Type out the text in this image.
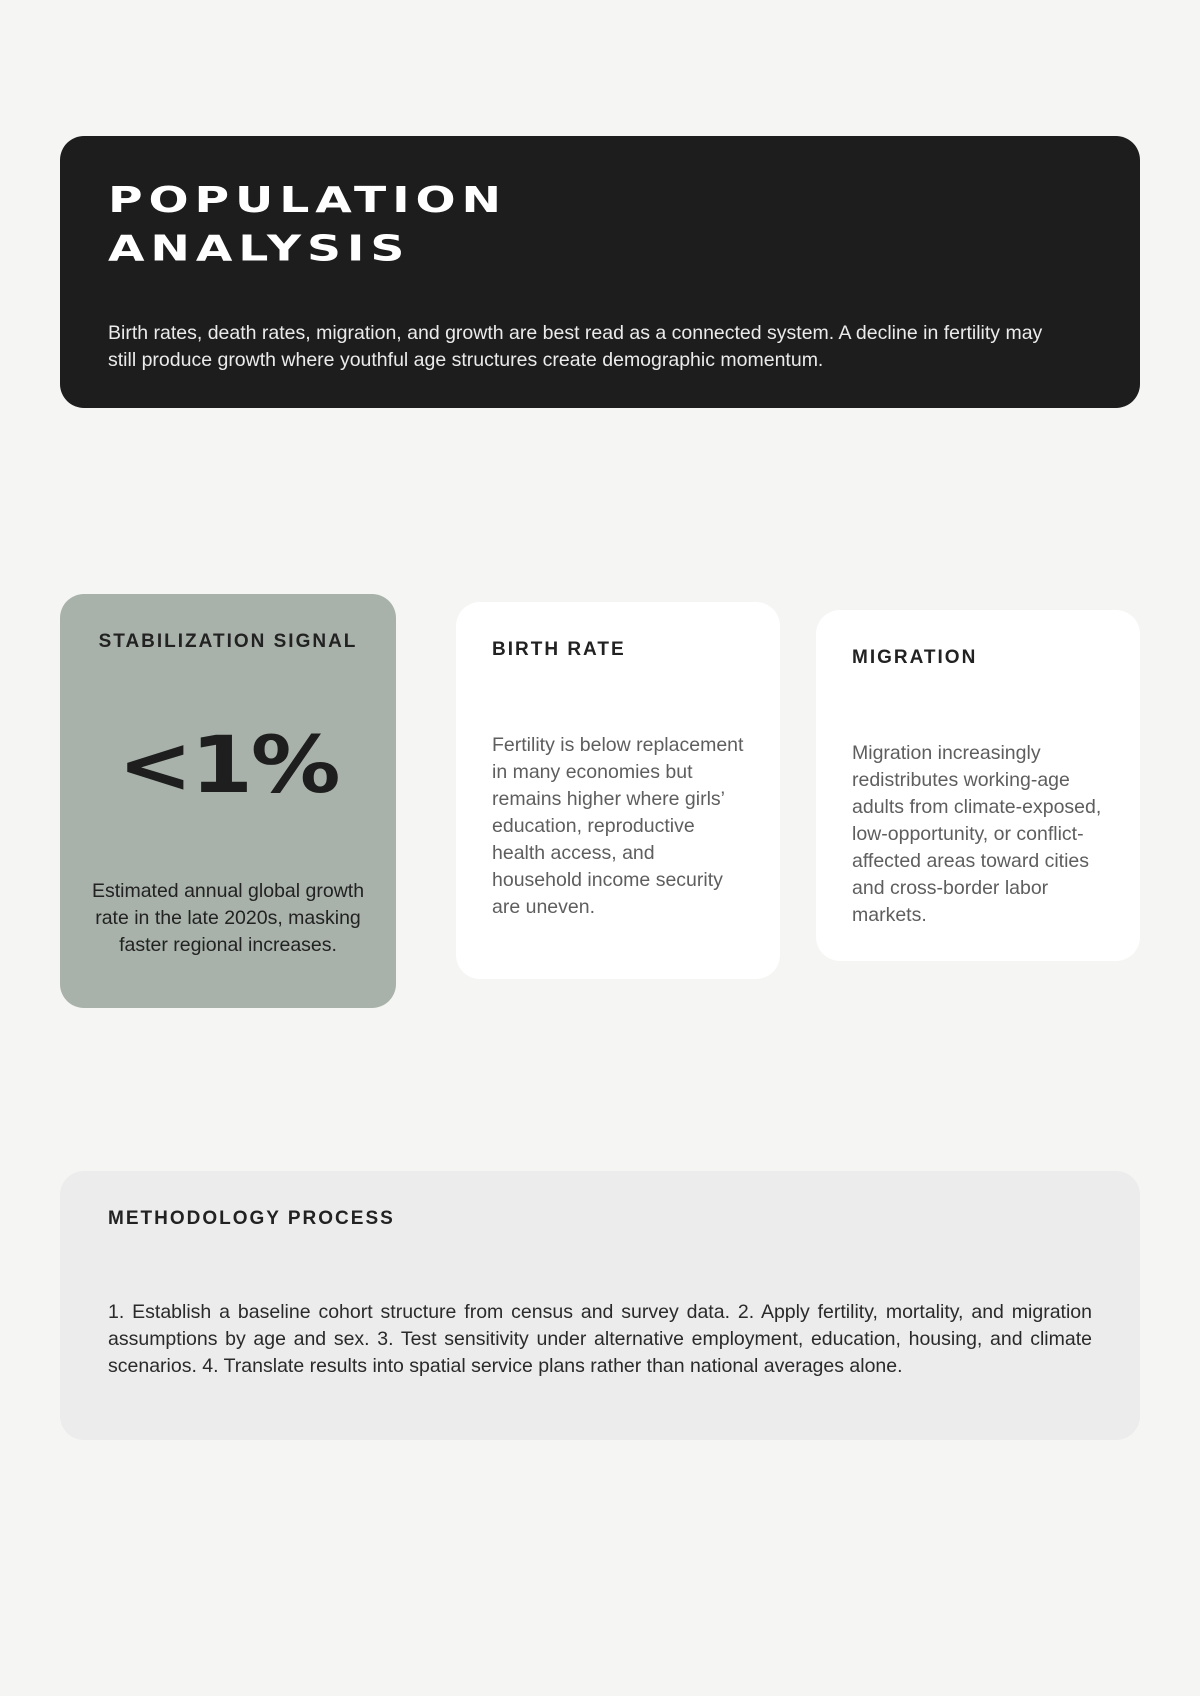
POPULATION ANALYSIS

Birth rates, death rates, migration, and growth are best read as a connected system. A decline in fertility may still produce growth where youthful age structures create demographic momentum.

STABILIZATION SIGNAL
<1%

Estimated annual global growth rate in the late 2020s, masking faster regional increases.

BIRTH RATE

Fertility is below replacement in many economies but remains higher where girls’ education, reproductive health access, and household income security are uneven.

MIGRATION

Migration increasingly redistributes working-age adults from climate-exposed, low-opportunity, or conflict-affected areas toward cities and cross-border labor markets.

METHODOLOGY PROCESS

1. Establish a baseline cohort structure from census and survey data. 2. Apply fertility, mortality, and migration assumptions by age and sex. 3. Test sensitivity under alternative employment, education, housing, and climate scenarios. 4. Translate results into spatial service plans rather than national averages alone.
